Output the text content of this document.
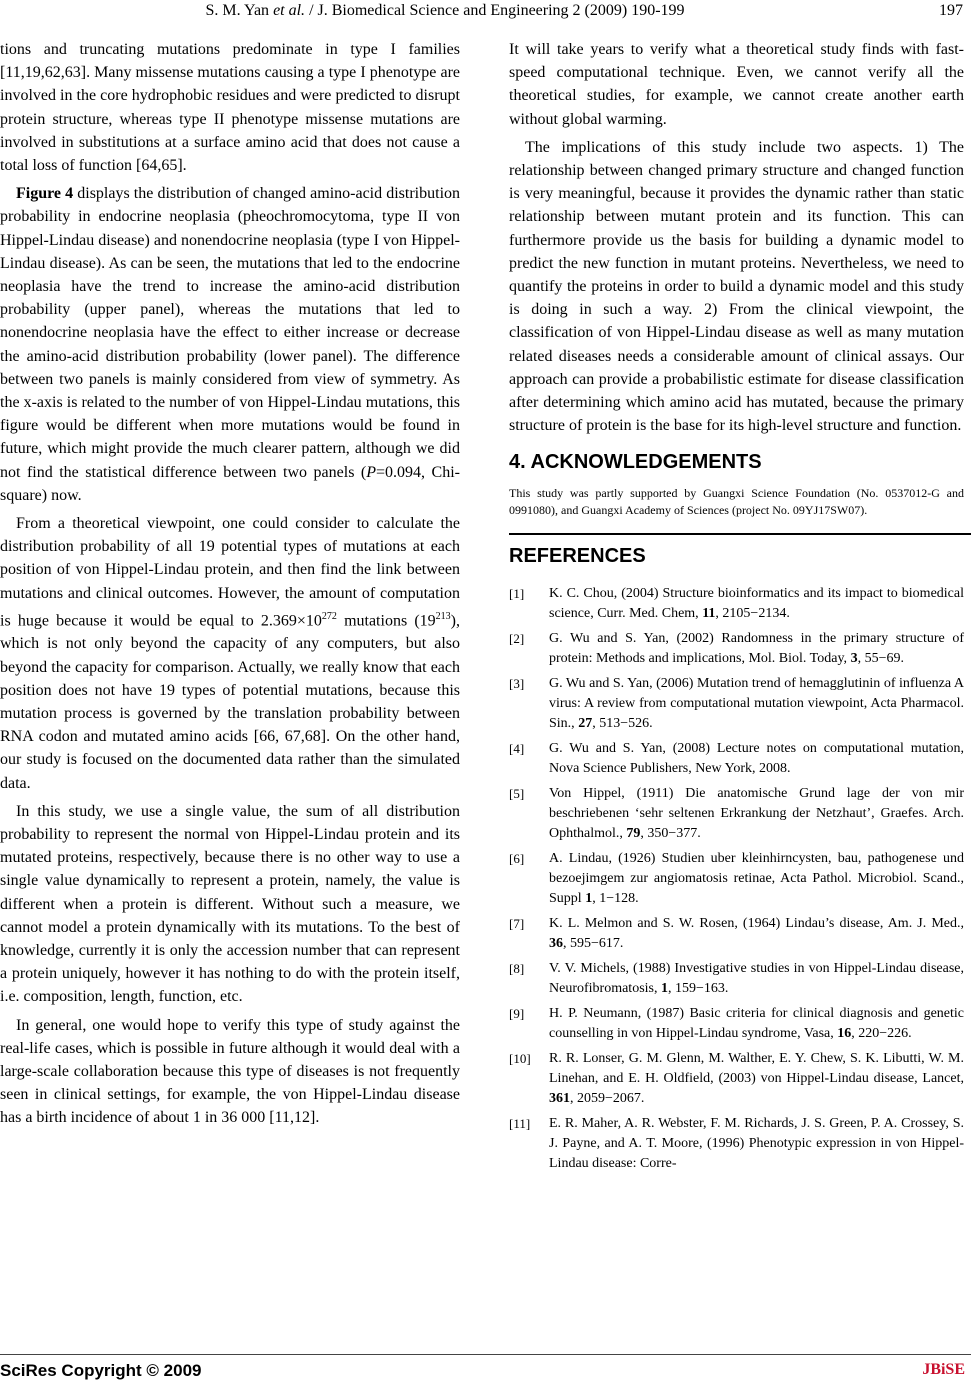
S. M. Yan et al. / J. Biomedical Science and Engineering 2 (2009) 190-199	197

tions and truncating mutations predominate in type I families [11,19,62,63]. Many missense mutations causing a type I phenotype are involved in the core hydrophobic residues and were predicted to disrupt protein structure, whereas type II phenotype missense mutations are involved in substitutions at a surface amino acid that does not cause a total loss of function [64,65].

Figure 4 displays the distribution of changed amino-acid distribution probability in endocrine neoplasia (pheochromocytoma, type II von Hippel-Lindau disease) and nonendocrine neoplasia (type I von Hippel-Lindau disease). As can be seen, the mutations that led to the endocrine neoplasia have the trend to increase the amino-acid distribution probability (upper panel), whereas the mutations that led to nonendocrine neoplasia have the effect to either increase or decrease the amino-acid distribution probability (lower panel). The difference between two panels is mainly considered from view of symmetry. As the x-axis is related to the number of von Hippel-Lindau mutations, this figure would be different when more mutations would be found in future, which might provide the much clearer pattern, although we did not find the statistical difference between two panels (P=0.094, Chi-square) now.

From a theoretical viewpoint, one could consider to calculate the distribution probability of all 19 potential types of mutations at each position of von Hippel-Lindau protein, and then find the link between mutations and clinical outcomes. However, the amount of computation is huge because it would be equal to $2.369\times 10^{272}$ mutations $(19^{213})$, which is not only beyond the capacity of any computers, but also beyond the capacity for comparison. Actually, we really know that each position does not have 19 types of potential mutations, because this mutation process is governed by the translation probability between RNA codon and mutated amino acids [66, 67,68]. On the other hand, our study is focused on the documented data rather than the simulated data.

In this study, we use a single value, the sum of all distribution probability to represent the normal von Hippel-Lindau protein and its mutated proteins, respectively, because there is no other way to use a single value dynamically to represent a protein, namely, the value is different when a protein is different. Without such a measure, we cannot model a protein dynamically with its mutations. To the best of knowledge, currently it is only the accession number that can represent a protein uniquely, however it has nothing to do with the protein itself, i.e. composition, length, function, etc.

In general, one would hope to verify this type of study against the real-life cases, which is possible in future although it would deal with a large-scale collaboration because this type of diseases is not frequently seen in clinical settings, for example, the von Hippel-Lindau disease has a birth incidence of about 1 in 36 000 [11,12].

It will take years to verify what a theoretical study finds with fast-speed computational technique. Even, we cannot verify all the theoretical studies, for example, we cannot create another earth without global warming.

The implications of this study include two aspects. 1) The relationship between changed primary structure and changed function is very meaningful, because it provides the dynamic rather than static relationship between mutant protein and its function. This can furthermore provide us the basis for building a dynamic model to predict the new function in mutant proteins. Nevertheless, we need to quantify the proteins in order to build a dynamic model and this study is doing in such a way. 2) From the clinical viewpoint, the classification of von Hippel-Lindau disease as well as many mutation related diseases needs a considerable amount of clinical assays. Our approach can provide a probabilistic estimate for disease classification after determining which amino acid has mutated, because the primary structure of protein is the base for its high-level structure and function.

4. ACKNOWLEDGEMENTS
This study was partly supported by Guangxi Science Foundation (No. 0537012-G and 0991080), and Guangxi Academy of Sciences (project No. 09YJ17SW07).
REFERENCES
[1]	K. C. Chou, (2004) Structure bioinformatics and its impact to biomedical science, Curr. Med. Chem, 11, 2105−2134.
[2]	G. Wu and S. Yan, (2002) Randomness in the primary structure of protein: Methods and implications, Mol. Biol. Today, 3, 55−69.
[3]	G. Wu and S. Yan, (2006) Mutation trend of hemagglutinin of influenza A virus: A review from computational mutation viewpoint, Acta Pharmacol. Sin., 27, 513−526.
[4]	G. Wu and S. Yan, (2008) Lecture notes on computational mutation, Nova Science Publishers, New York, 2008.
[5]	Von Hippel, (1911) Die anatomische Grund lage der von mir beschriebenen ‘sehr seltenen Erkrankung der Netzhaut’, Graefes. Arch. Ophthalmol., 79, 350−377.
[6]	A. Lindau, (1926) Studien uber kleinhirncysten, bau, pathogenese und bezoejimgem zur angiomatosis retinae, Acta Pathol. Microbiol. Scand., Suppl 1, 1−128.
[7]	K. L. Melmon and S. W. Rosen, (1964) Lindau’s disease, Am. J. Med., 36, 595−617.
[8]	V. V. Michels, (1988) Investigative studies in von Hippel-Lindau disease, Neurofibromatosis, 1, 159−163.
[9]	H. P. Neumann, (1987) Basic criteria for clinical diagnosis and genetic counselling in von Hippel-Lindau syndrome, Vasa, 16, 220−226.
[10]	R. R. Lonser, G. M. Glenn, M. Walther, E. Y. Chew, S. K. Libutti, W. M. Linehan, and E. H. Oldfield, (2003) von Hippel-Lindau disease, Lancet, 361, 2059−2067.
[11]	E. R. Maher, A. R. Webster, F. M. Richards, J. S. Green, P. A. Crossey, S. J. Payne, and A. T. Moore, (1996) Phenotypic expression in von Hippel-Lindau disease: Corre-
SciRes Copyright © 2009	JBiSE
